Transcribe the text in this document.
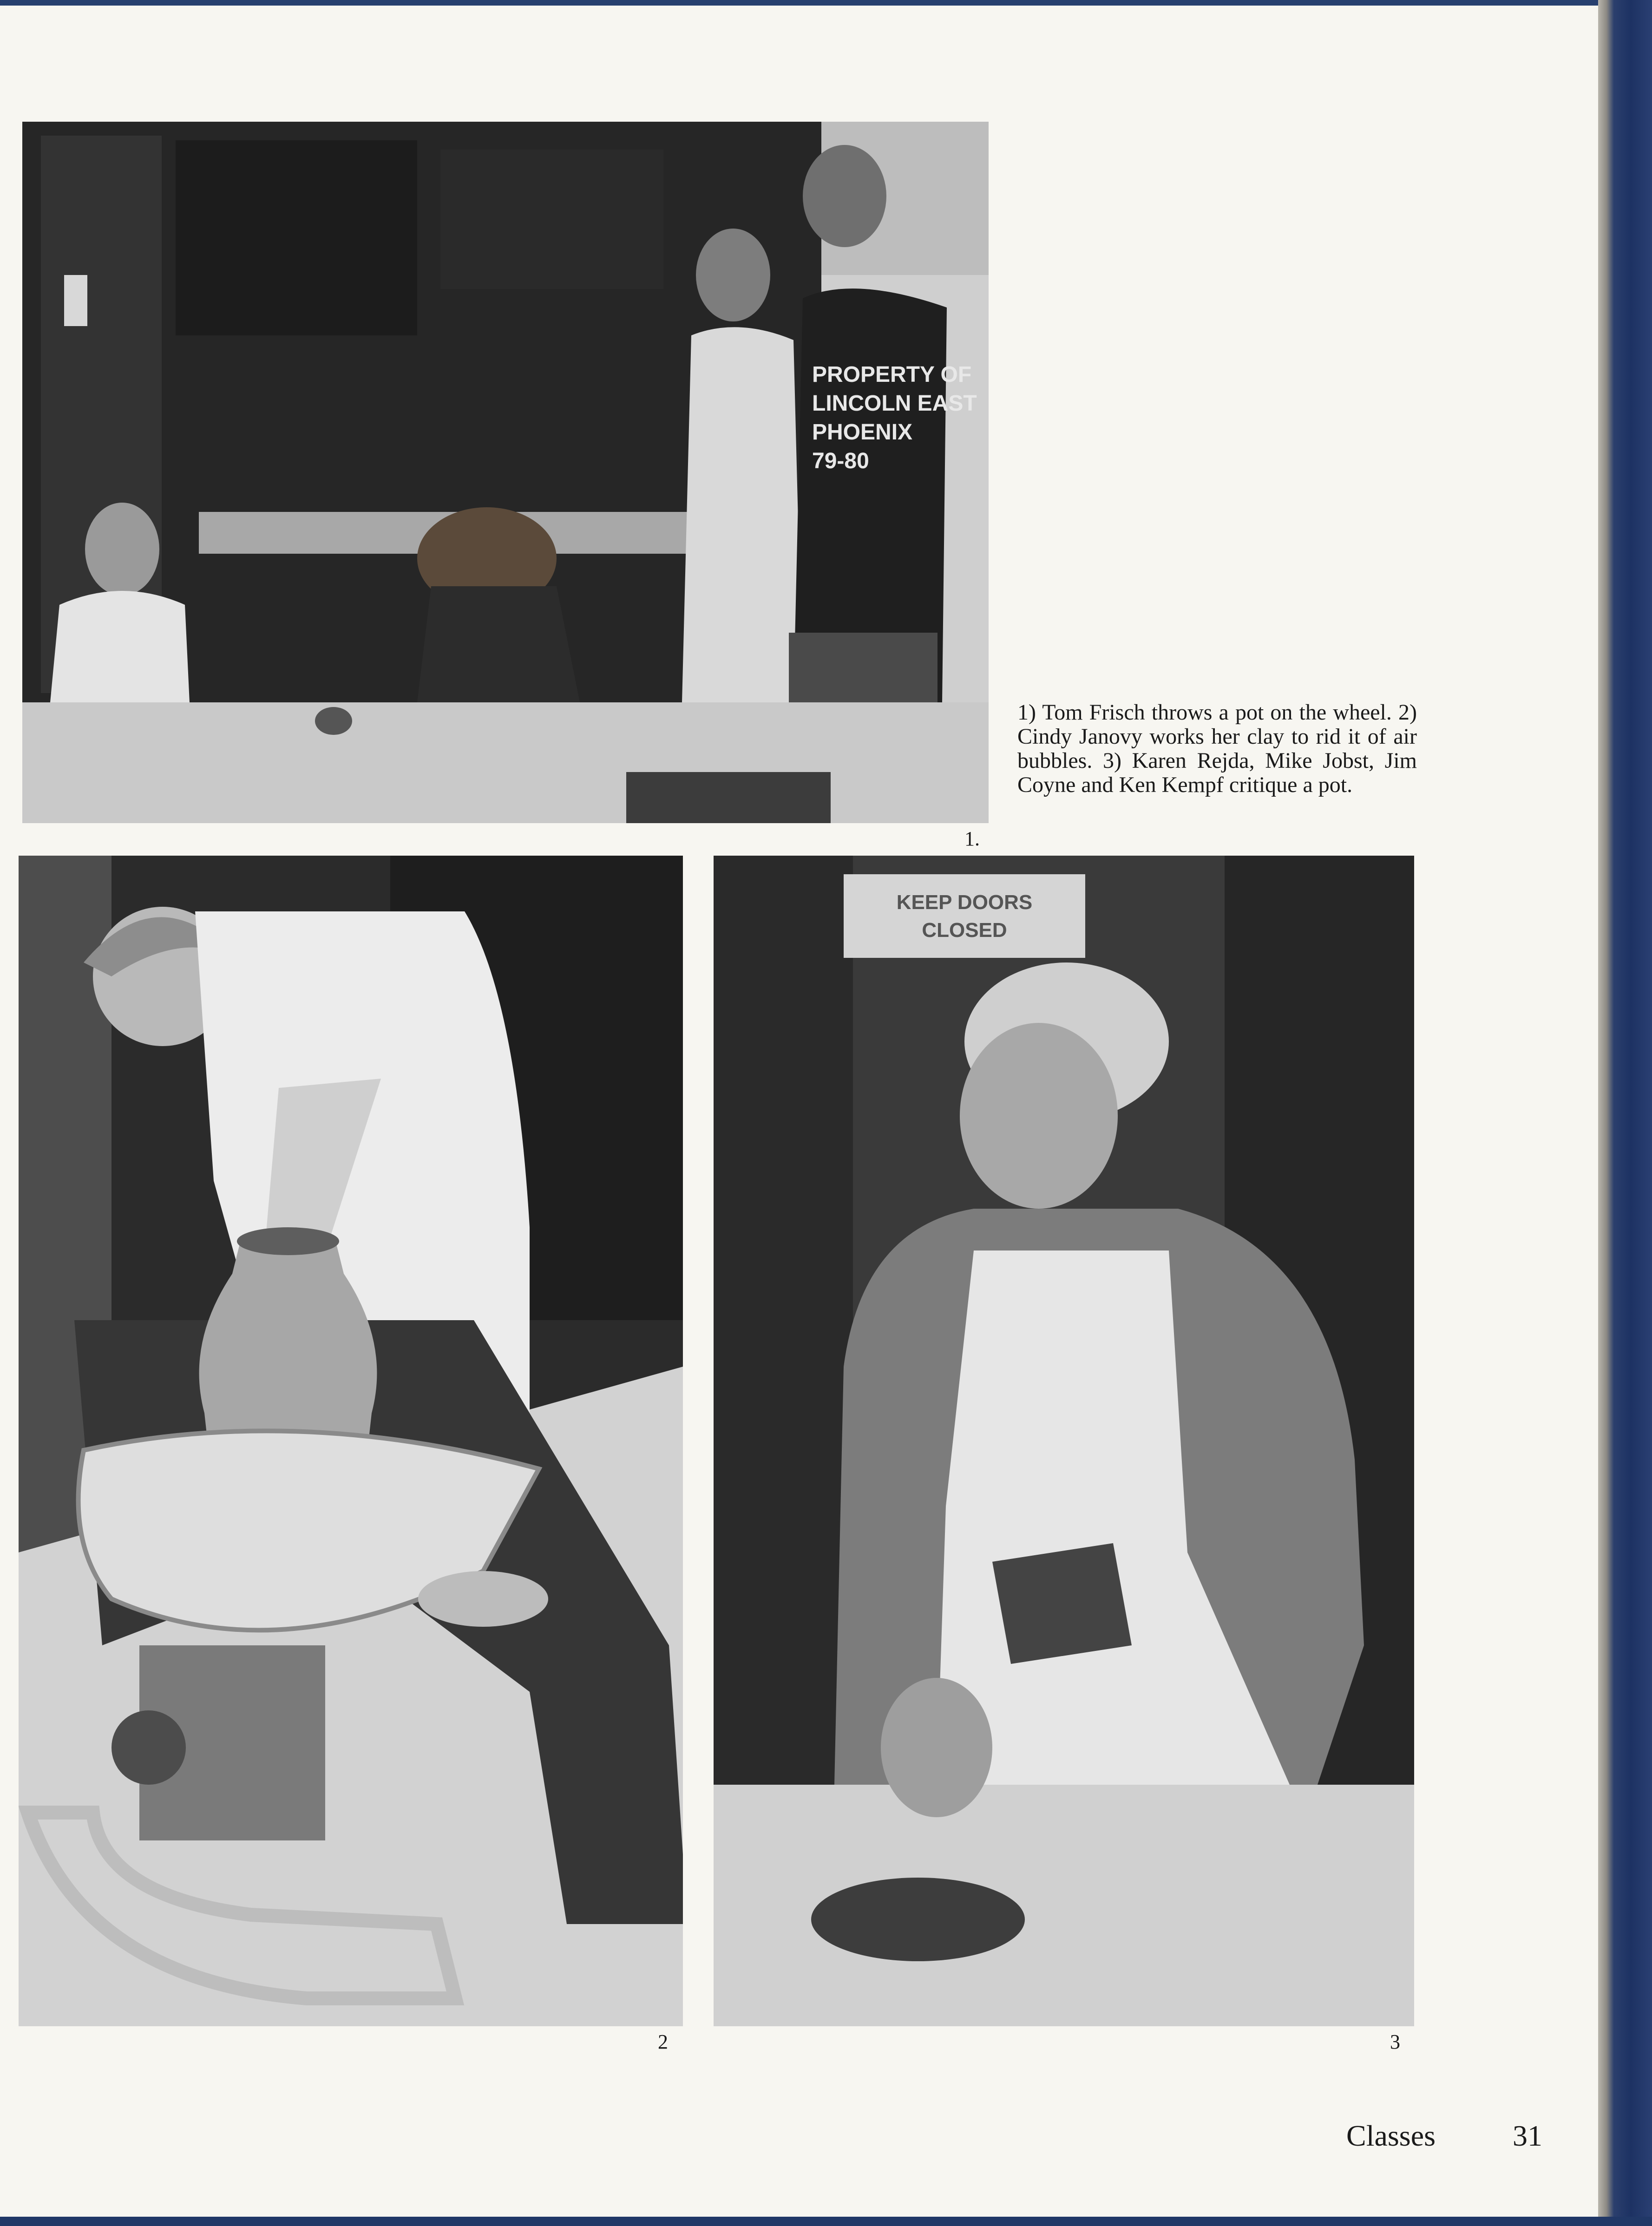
PROPERTY OF LINCOLN EAST PHOENIX 79-80
1.
1) Tom Frisch throws a pot on the wheel. 2) Cindy Janovy works her clay to rid it of air bubbles. 3) Karen Rejda, Mike Jobst, Jim Coyne and Ken Kempf critique a pot.
2
KEEP DOORS
CLOSED
3
Classes	31
